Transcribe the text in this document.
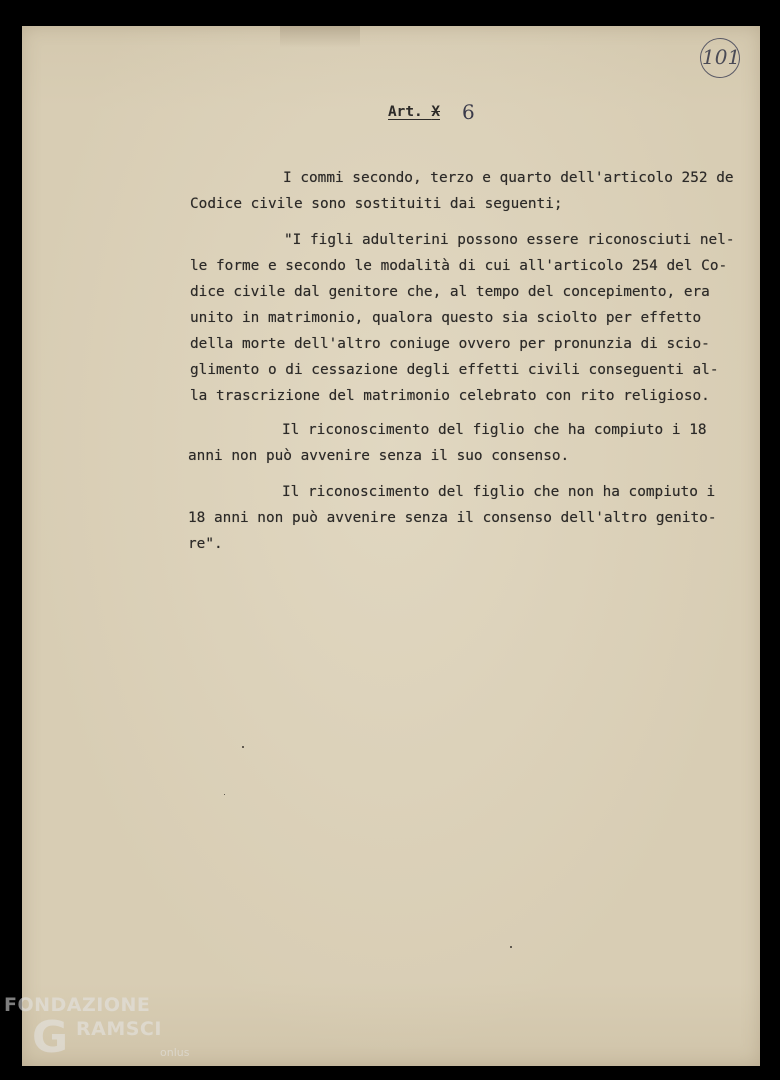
101
Art. X 6
I commi secondo, terzo e quarto dell'articolo 252 de
Codice civile sono sostituiti dai seguenti;
"I figli adulterini possono essere riconosciuti nel-
le forme e secondo le modalità di cui all'articolo 254 del Co-
dice civile dal genitore che, al tempo del concepimento, era
unito in matrimonio, qualora questo sia sciolto per effetto
della morte dell'altro coniuge ovvero per pronunzia di scio-
glimento o di cessazione degli effetti civili conseguenti al-
la trascrizione del matrimonio celebrato con rito religioso.
Il riconoscimento del figlio che ha compiuto i 18
anni non può avvenire senza il suo consenso.
Il riconoscimento del figlio che non ha compiuto i
18 anni non può avvenire senza il consenso dell'altro genito-
re".
FONDAZIONE
G RAMSCI
onlus
